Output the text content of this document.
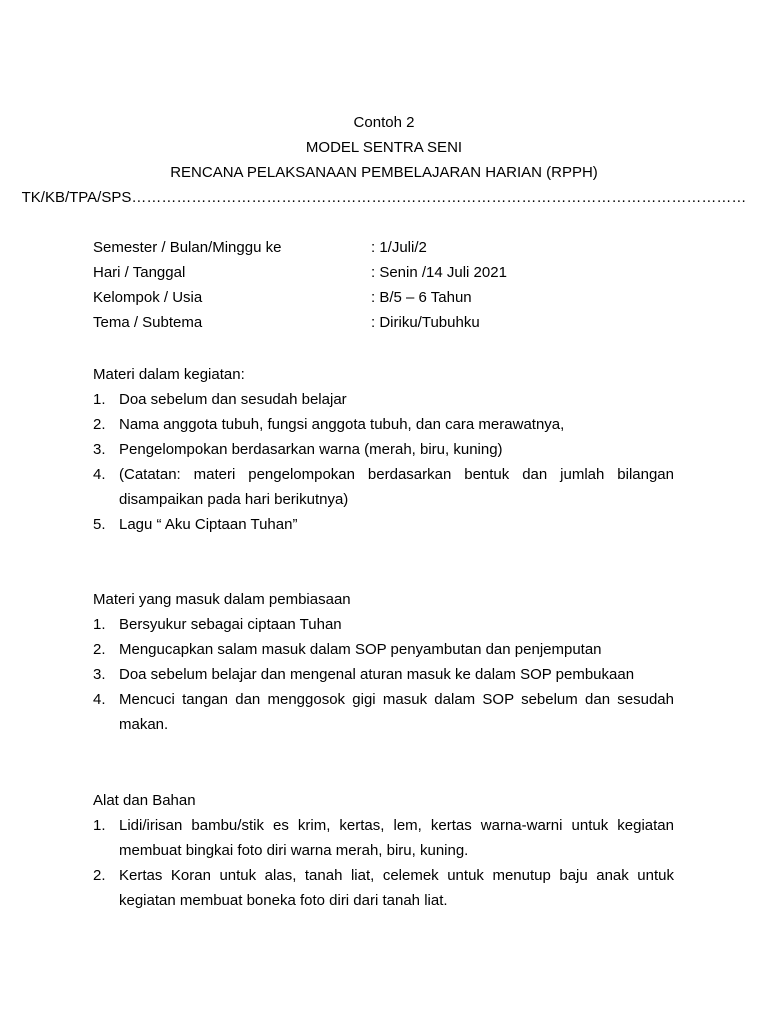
Contoh 2
MODEL SENTRA SENI
RENCANA PELAKSANAAN PEMBELAJARAN HARIAN (RPPH)
TK/KB/TPA/SPS……………………………………………………………………………………………………………
Semester / Bulan/Minggu ke	: 1/Juli/2
Hari / Tanggal	: Senin /14 Juli 2021
Kelompok / Usia	: B/5 – 6 Tahun
Tema / Subtema	: Diriku/Tubuhku
Materi dalam kegiatan:
1. Doa sebelum dan sesudah belajar
2. Nama anggota tubuh, fungsi anggota tubuh, dan cara merawatnya,
3. Pengelompokan berdasarkan warna (merah, biru, kuning)
4. (Catatan: materi pengelompokan berdasarkan bentuk dan jumlah bilangan disampaikan pada hari berikutnya)
5. Lagu “ Aku Ciptaan Tuhan”
Materi yang masuk dalam pembiasaan
1. Bersyukur sebagai ciptaan Tuhan
2. Mengucapkan salam masuk dalam SOP penyambutan dan penjemputan
3. Doa sebelum belajar dan mengenal aturan masuk ke dalam SOP pembukaan
4. Mencuci tangan dan menggosok gigi masuk dalam SOP sebelum dan sesudah makan.
Alat dan Bahan
1. Lidi/irisan bambu/stik es krim, kertas, lem, kertas warna-warni untuk kegiatan membuat bingkai foto diri warna merah, biru, kuning.
2. Kertas Koran untuk alas, tanah liat, celemek untuk menutup baju anak untuk kegiatan membuat boneka foto diri dari tanah liat.
